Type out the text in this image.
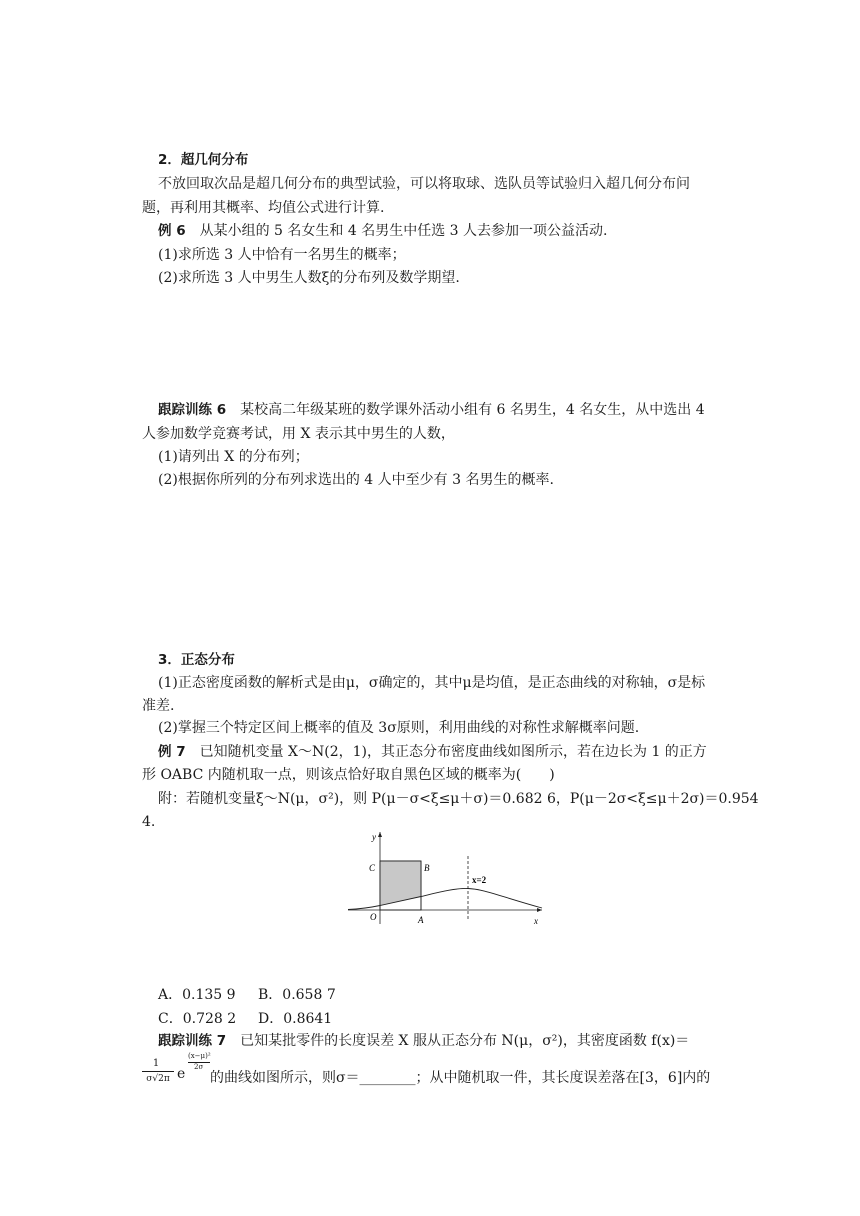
2．超几何分布
不放回取次品是超几何分布的典型试验，可以将取球、选队员等试验归入超几何分布问
题，再利用其概率、均值公式进行计算.
例 6　 从某小组的 5 名女生和 4 名男生中任选 3 人去参加一项公益活动.
(1)求所选 3 人中恰有一名男生的概率；
(2)求所选 3 人中男生人数ξ的分布列及数学期望.
跟踪训练 6　 某校高二年级某班的数学课外活动小组有 6 名男生，4 名女生，从中选出 4
人参加数学竞赛考试，用 X 表示其中男生的人数，
(1)请列出 X 的分布列；
(2)根据你所列的分布列求选出的 4 人中至少有 3 名男生的概率.
3．正态分布
(1)正态密度函数的解析式是由μ，σ确定的，其中μ是均值，是正态曲线的对称轴，σ是标
准差.
(2)掌握三个特定区间上概率的值及 3σ原则，利用曲线的对称性求解概率问题.
例 7　 已知随机变量 X～N(2，1)，其正态分布密度曲线如图所示，若在边长为 1 的正方
形 OABC 内随机取一点，则该点恰好取自黑色区域的概率为(　　)
附：若随机变量ξ～N(μ，σ²)，则 P(μ－σ<ξ≤μ＋σ)＝0.682 6，P(μ－2σ<ξ≤μ＋2σ)＝0.954
4.
y
x
O	A
B
C
x=2
A．0.135 9 B．0.658 7
C．0.728 2 D．0.8641
跟踪训练 7　 已知某批零件的长度误差 X 服从正态分布 N(μ，σ²)，其密度函数 f(x)＝
1
σ√2π e
(x−μ)²
2σ
的曲线如图所示，则σ＝________；从中随机取一件，其长度误差落在[3，6]内的
